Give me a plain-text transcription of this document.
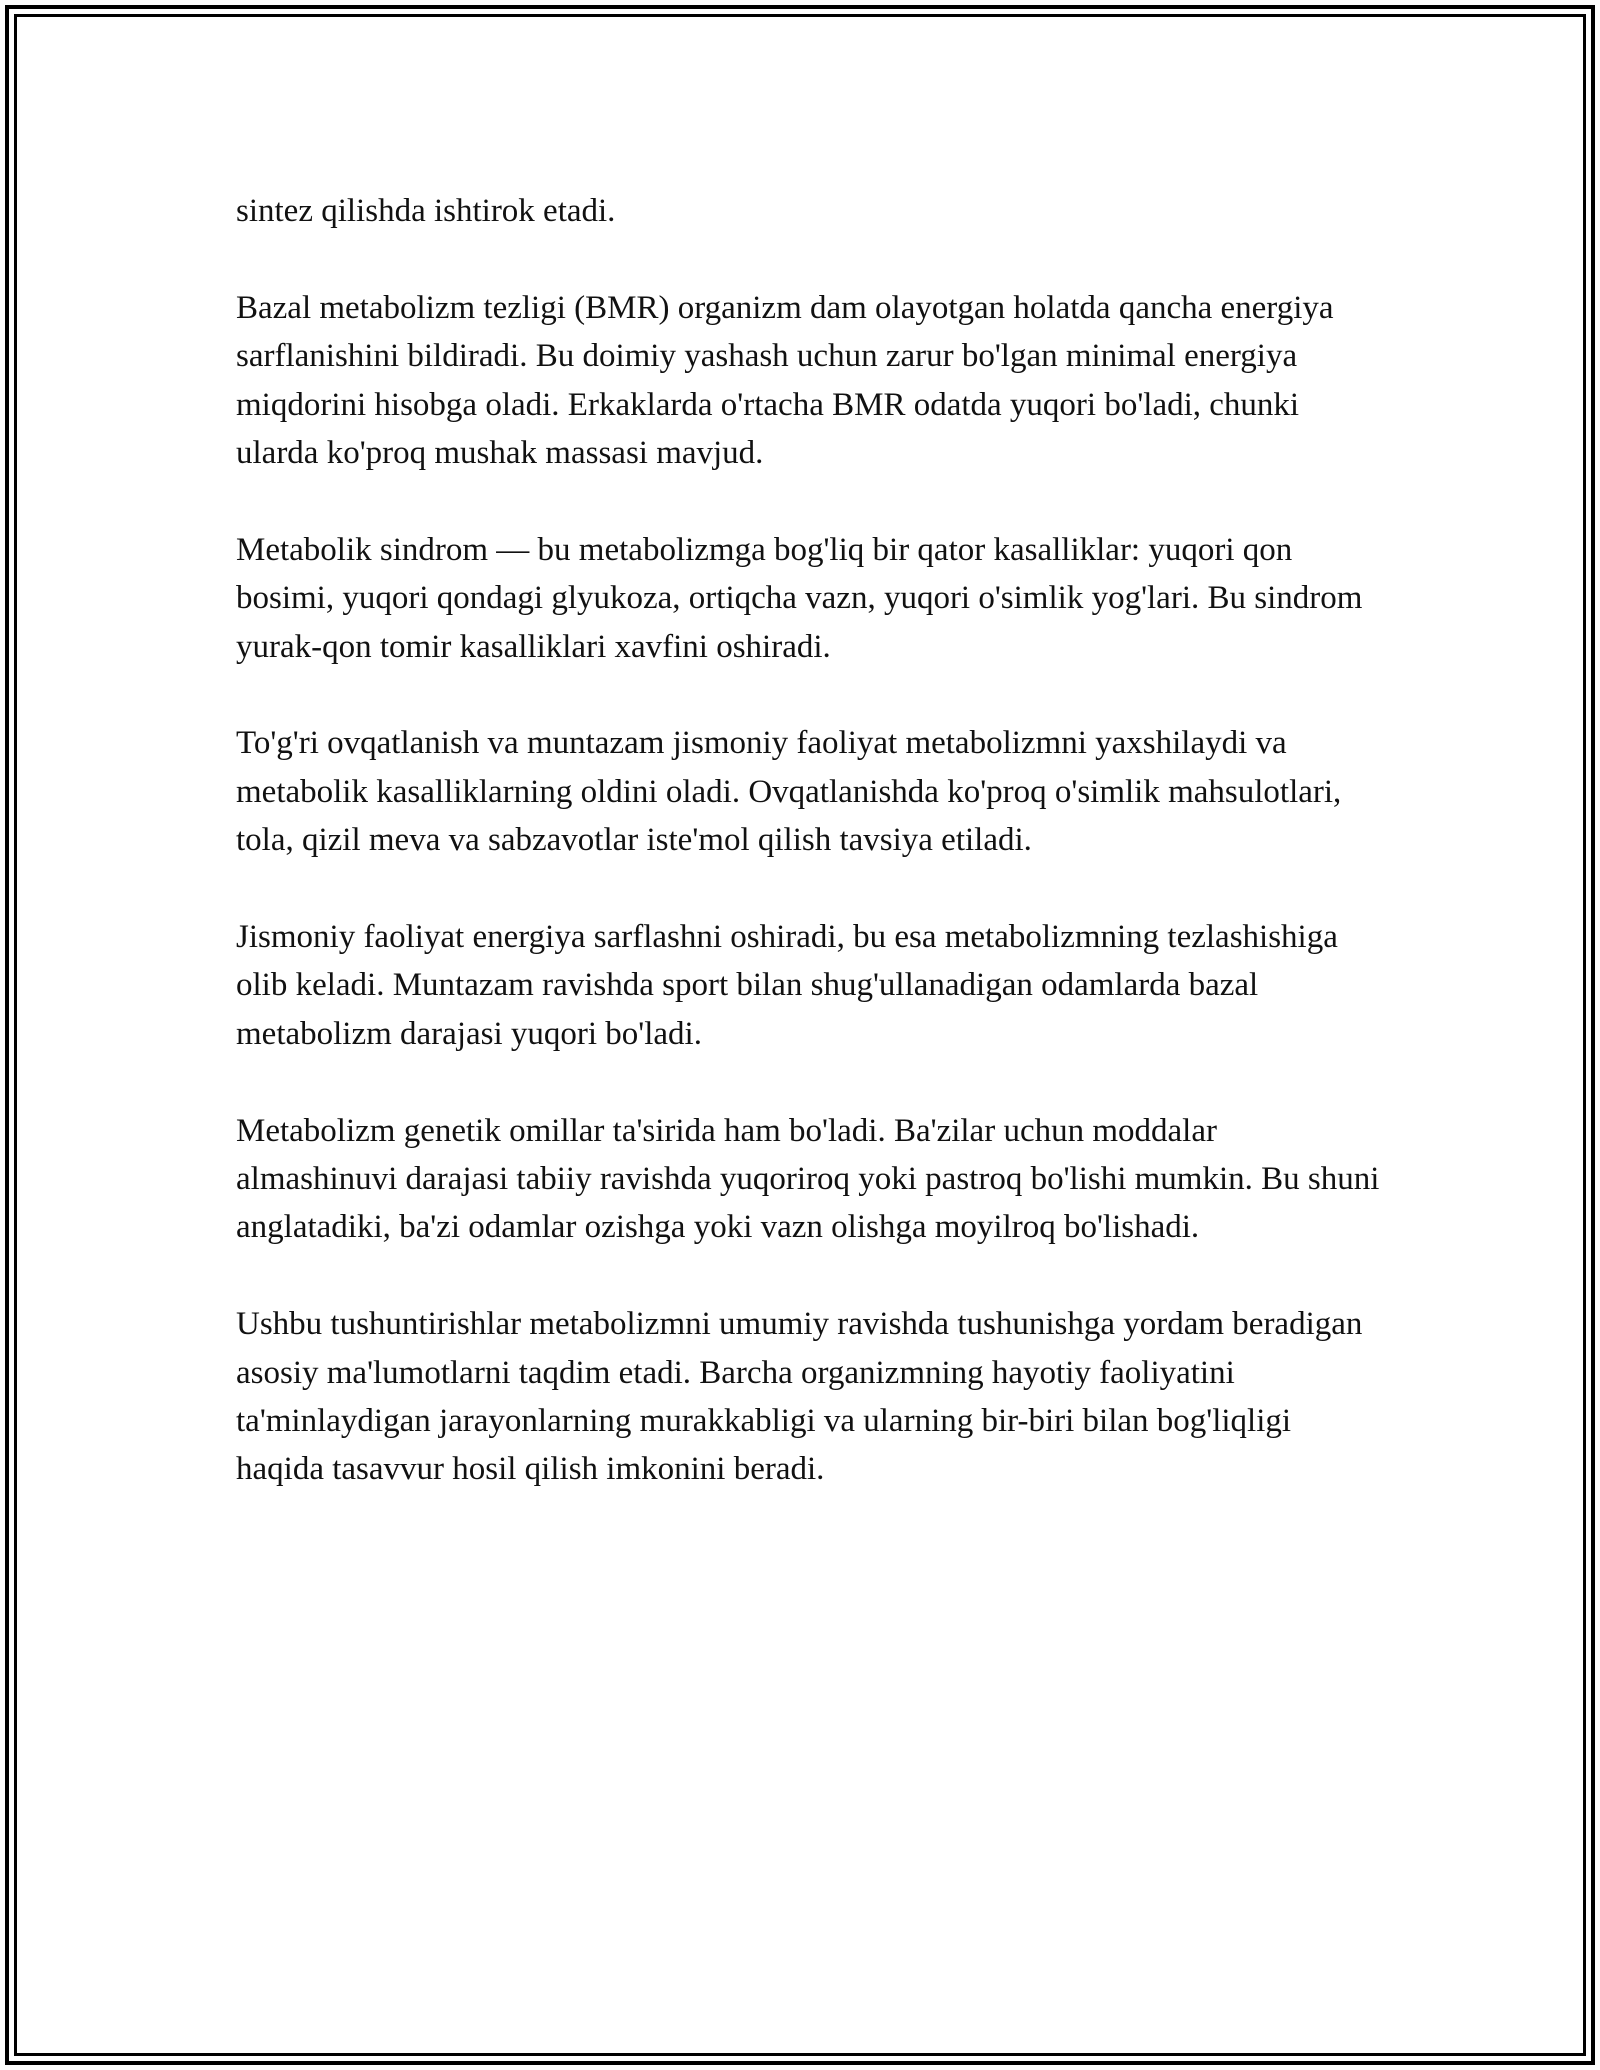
sintez qilishda ishtirok etadi.

Bazal metabolizm tezligi (BMR) organizm dam olayotgan holatda qancha energiya sarflanishini bildiradi. Bu doimiy yashash uchun zarur bo'lgan minimal energiya miqdorini hisobga oladi. Erkaklarda o'rtacha BMR odatda yuqori bo'ladi, chunki ularda ko'proq mushak massasi mavjud.

Metabolik sindrom — bu metabolizmga bog'liq bir qator kasalliklar: yuqori qon bosimi, yuqori qondagi glyukoza, ortiqcha vazn, yuqori o'simlik yog'lari. Bu sindrom yurak-qon tomir kasalliklari xavfini oshiradi.

To'g'ri ovqatlanish va muntazam jismoniy faoliyat metabolizmni yaxshilaydi va metabolik kasalliklarning oldini oladi. Ovqatlanishda ko'proq o'simlik mahsulotlari, tola, qizil meva va sabzavotlar iste'mol qilish tavsiya etiladi.

Jismoniy faoliyat energiya sarflashni oshiradi, bu esa metabolizmning tezlashishiga olib keladi. Muntazam ravishda sport bilan shug'ullanadigan odamlarda bazal metabolizm darajasi yuqori bo'ladi.

Metabolizm genetik omillar ta'sirida ham bo'ladi. Ba'zilar uchun moddalar almashinuvi darajasi tabiiy ravishda yuqoriroq yoki pastroq bo'lishi mumkin. Bu shuni anglatadiki, ba'zi odamlar ozishga yoki vazn olishga moyilroq bo'lishadi.

Ushbu tushuntirishlar metabolizmni umumiy ravishda tushunishga yordam beradigan asosiy ma'lumotlarni taqdim etadi. Barcha organizmning hayotiy faoliyatini ta'minlaydigan jarayonlarning murakkabligi va ularning bir-biri bilan bog'liqligi haqida tasavvur hosil qilish imkonini beradi.
